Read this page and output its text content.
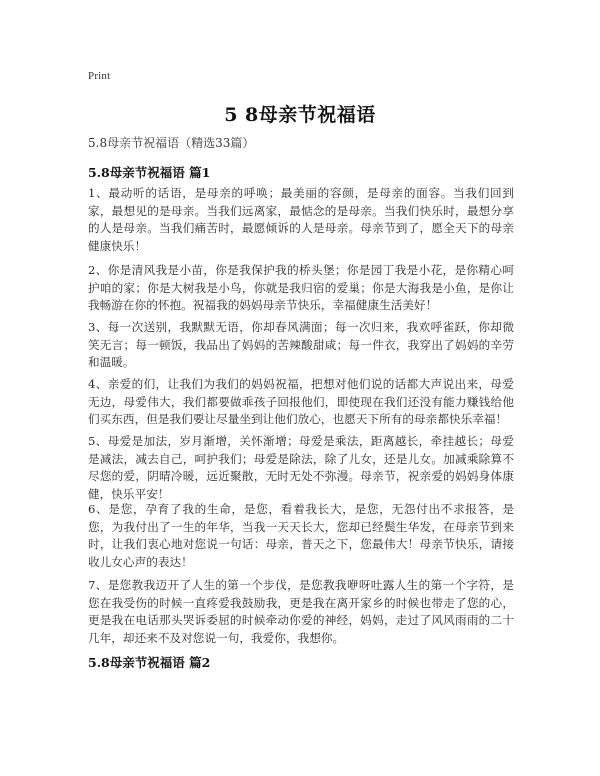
Print
5 8母亲节祝福语
5.8母亲节祝福语（精选33篇）
5.8母亲节祝福语 篇1
1、最动听的话语，是母亲的呼唤；最美丽的容颜，是母亲的面容。当我们回到家，最想见的是母亲。当我们远离家，最惦念的是母亲。当我们快乐时，最想分享的人是母亲。当我们痛苦时，最愿倾诉的人是母亲。母亲节到了，愿全天下的母亲健康快乐！
2、你是清风我是小苗，你是我保护我的桥头堡；你是园丁我是小花，是你精心呵护咱的家；你是大树我是小鸟，你就是我归宿的爱巢；你是大海我是小鱼，是你让我畅游在你的怀抱。祝福我的妈妈母亲节快乐，幸福健康生活美好！
3、每一次送别，我默默无语，你却春风满面；每一次归来，我欢呼雀跃，你却微笑无言；每一顿饭，我品出了妈妈的苦辣酸甜咸；每一件衣，我穿出了妈妈的辛劳和温暖。
4、亲爱的们，让我们为我们的妈妈祝福，把想对他们说的话都大声说出来，母爱无边，母爱伟大，我们都要做乖孩子回报他们，即使现在我们还没有能力赚钱给他们买东西，但是我们要让尽量坐到让他们放心，也愿天下所有的母亲都快乐幸福！
5、母爱是加法，岁月渐增，关怀渐增；母爱是乘法，距离越长，牵挂越长；母爱是减法，减去自己，呵护我们；母爱是除法，除了儿女，还是儿女。加减乘除算不尽您的爱，阴晴冷暖，远近聚散，无时无处不弥漫。母亲节，祝亲爱的妈妈身体康健，快乐平安！
6、是您，孕育了我的生命，是您，看着我长大，是您，无怨付出不求报答，是您，为我付出了一生的年华，当我一天天长大，您却已经鬓生华发，在母亲节到来时，让我们衷心地对您说一句话：母亲，普天之下，您最伟大！母亲节快乐，请接收儿女心声的表达！
7、是您教我迈开了人生的第一个步伐，是您教我咿呀吐露人生的第一个字符，是您在我受伤的时候一直疼爱我鼓励我，更是我在离开家乡的时候也带走了您的心，更是我在电话那头哭诉委屈的时候牵动你爱的神经，妈妈，走过了风风雨雨的二十几年，却还来不及对您说一句，我爱你，我想你。
5.8母亲节祝福语 篇2
